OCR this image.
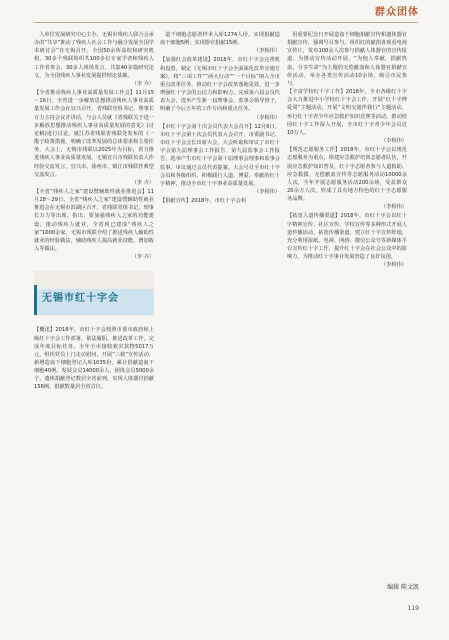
群众团体

人单位发展研究中心主办，无锡市残疾人联合会承办的“共享”推动了残疾人社会工作与融合发展全国学术研讨会”在无锡召开。全国50余所高校和研究机构、30多个残联组织共100多位专家学者和残疾人工作者参会，30多人现场发言，共集40多篇研究论文，为全国残疾人事业发展提供理论基础。

（李 卉）

【全省推动残疾人事业高质量发展工作会】11月15～16日，全省进一步解放思想推动残疾人事业高质量发展工作会在宜兴召开，省残联党组书记、理事长万力主持会议并讲话，与会人员就《省残联关于进一步解放思想推动残疾人事业高质量发展的意见》(讨论稿)进行讨论。就江苏省残联省残联处发布的《一揽子政策措施，明确了改革发展的总体要求和主要任务。大会上，无锡市残联以2025年为目标，着力推进残疾人事业高质量发展。无锡宜兴市残联负责人作经验交流发言，宜兴市、徐州市、镇江市残联作典型交流发言。

（李 卉）

【全省“残疾人之家”建设暨辅助性就业推进会】11月28～29日，全省“残疾人之家”建设暨辅助性就业推进会在无锡市滨湖区召开。省残联党组书记、理事长万力等出席，指出：要加强残疾人之家的功能建设，推动残疾人就业，全省现已建成“残疾人之家”1000余家，无锡市残联介绍了推进残疾人辅助性就业的经验做法，辅助残疾人提高就业技能，增加收入等做法。

（李 卉）

无锡市红十字会

【概述】2018年，市红十字会按照市委市政府和上级红十字会工作部署，依法履职、推进改革工作，完成年度目标任务。全年全市接收救灾款物5017万元，组织党员上门走访慰问，开展“三救”宣传活动，新增造血干细胞登记入库1035份，累计捐献造血干细胞40例。发展会员14000余人、团体会员5000余个，遗体捐献登记数居全省前列，实现人体器官捐献156例，捐献数量居全省首位。

造干细胞志愿者样本入库1274人份，实现捐献造血干细胞5例；实现器官捐献15例。

（李相伟）

【加强红会改革建设】2018年，市红十字会完善机构设置，制定《无锡市红十字会全面深化改革实施方案》，将“三项工作”“两大行动”“一个目标”纳入全市重点改革任务，推动红十字会改革落地见效，进一步增强红十字会的公信力和影响力。完成第六届会员代表大会，选举产生新一届理事会、监事会领导班子，明确了今后五年的工作方向和重点任务。

（李相伟）

【市红十字会第十次会员代表大会召开】12月6日，市红十字会第十次会员代表大会召开，市委副书记、市红十字会会长出席大会，大会听取和审议了市红十字会第九届理事会工作报告、第九届监事会工作报告，选举产生市红十字会第十届理事会理事和监事会监事，审议通过会员代表提案。大会号召全市红十字会员和各级组织，积极践行人道、博爱、奉献的红十字精神，推动全市红十字事业高质量发展。

（李相伟）

【捐献宣传】2018年，市红十字会利

用重要纪念日开展造血干细胞捐献宣传和遗体器官捐献宣传，强调号召参与，组织红的献捐者观看电视宣传片，发布100余人次参与捐献人体器官的宣传报道。为推动宣传活动开展，“为他人奉献，捐献热血，分享生命”为主题的无偿献血和人体器官捐献宣传活动，举办各类宣传活动10余场，吸引市民参与。

【丰富学校红十字工作】2018年，全市各级红十字会大力推进中小学校红十字会工作，开展“红十字博爱周”主题活动，开展“文明交通伴我行”主题活动，举行红十字青少年应急救护知识竞赛等活动，推动校园红十字工作深入开展，全市红十字青少年会员近10万人。

（李相伟）

【规范志愿服务工作】2018年，市红十字会以规范志愿服务为重点，组建应急救护培训志愿者队伍，开展应急救护知识普及，红十字志愿者参与人道救助、应急救援、无偿献血宣传等志愿服务活动10000余人次，全年开展志愿服务活动200余场，受益群众20余万人次，形成了具有地方特色的红十字志愿服务品牌。

（李相伟）

【拓宽人道传播渠道】2018年，市红十字会以红十字精神宣传、社区宣传、学校宣传等多种形式开展人道传播活动，拓宽传播渠道，建立红十字宣传阵地，充分利用报纸、电视、网络、微信公众号等新媒体平台宣传红十字工作，提升红十字会在社会公众中的影响力，为推动红十字事业发展营造了良好氛围。

（李相伟）

编辑 陈文凯
119
